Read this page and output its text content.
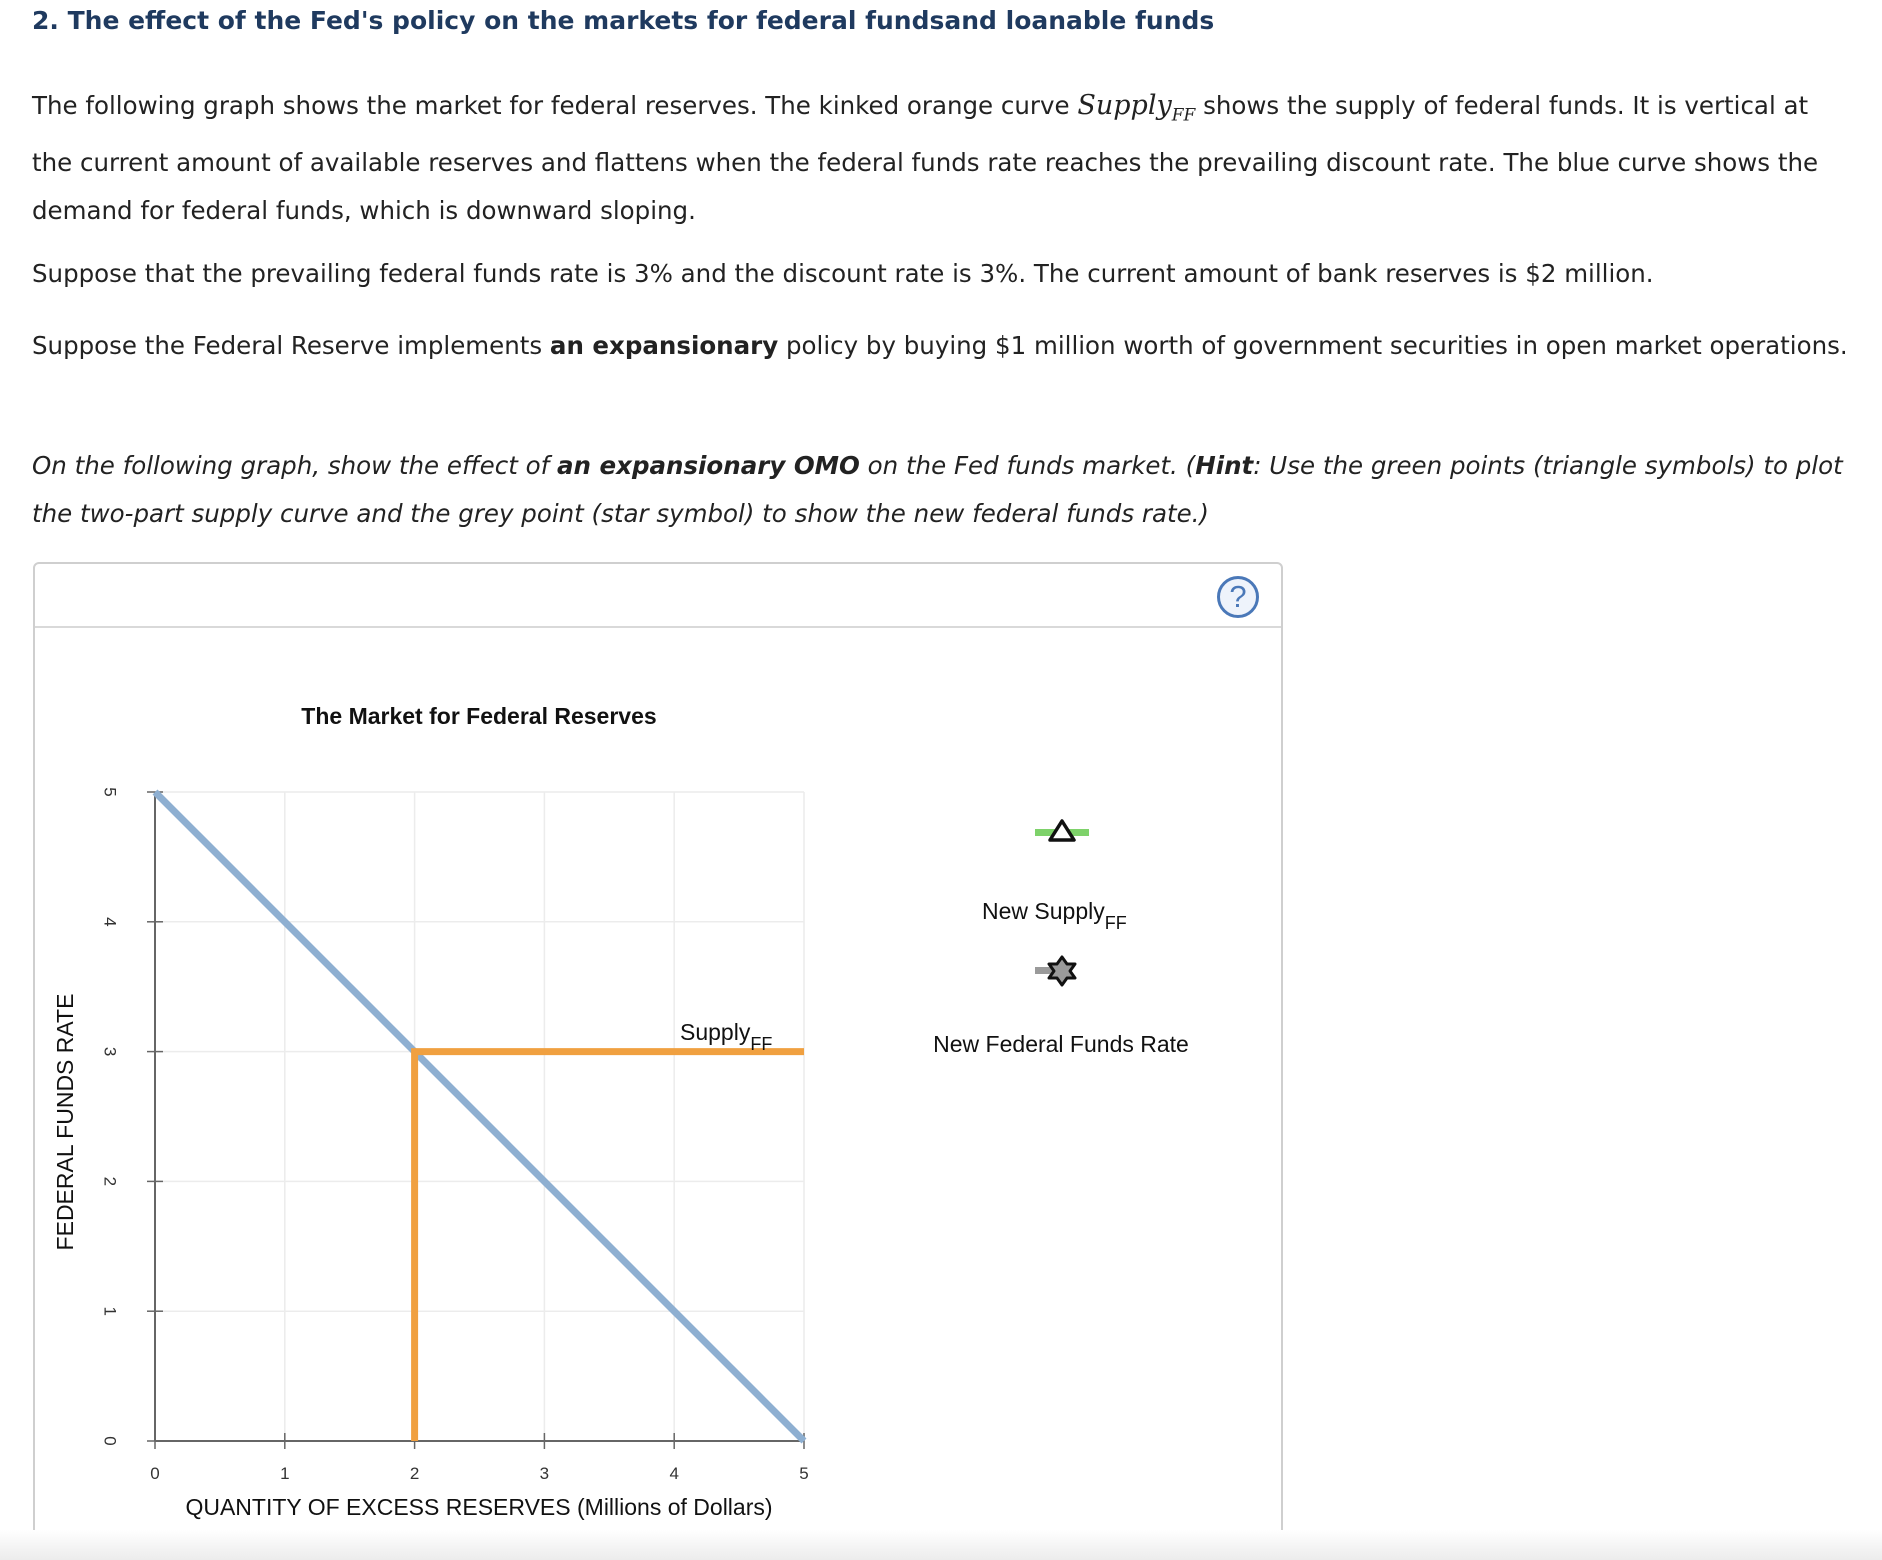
2. The effect of the Fed's policy on the markets for federal fundsand loanable funds
The following graph shows the market for federal reserves. The kinked orange curve Supply$_{FF}$ shows the supply of federal funds. It is vertical at the current amount of available reserves and flattens when the federal funds rate reaches the prevailing discount rate. The blue curve shows the demand for federal funds, which is downward sloping.
Suppose that the prevailing federal funds rate is 3% and the discount rate is 3%. The current amount of bank reserves is $2 million.
Suppose the Federal Reserve implements an expansionary policy by buying $1 million worth of government securities in open market operations.
On the following graph, show the effect of an expansionary OMO on the Fed funds market. (Hint: Use the green points (triangle symbols) to plot the two-part supply curve and the grey point (star symbol) to show the new federal funds rate.)
?
The Market for Federal Reserves
0	1	2	3	4	5
0
1
2
3
4
5
QUANTITY OF EXCESS RESERVES (Millions of Dollars)
FEDERAL FUNDS RATE	Supply$_{FF}$
New Supply$_{FF}$
New Federal Funds Rate
